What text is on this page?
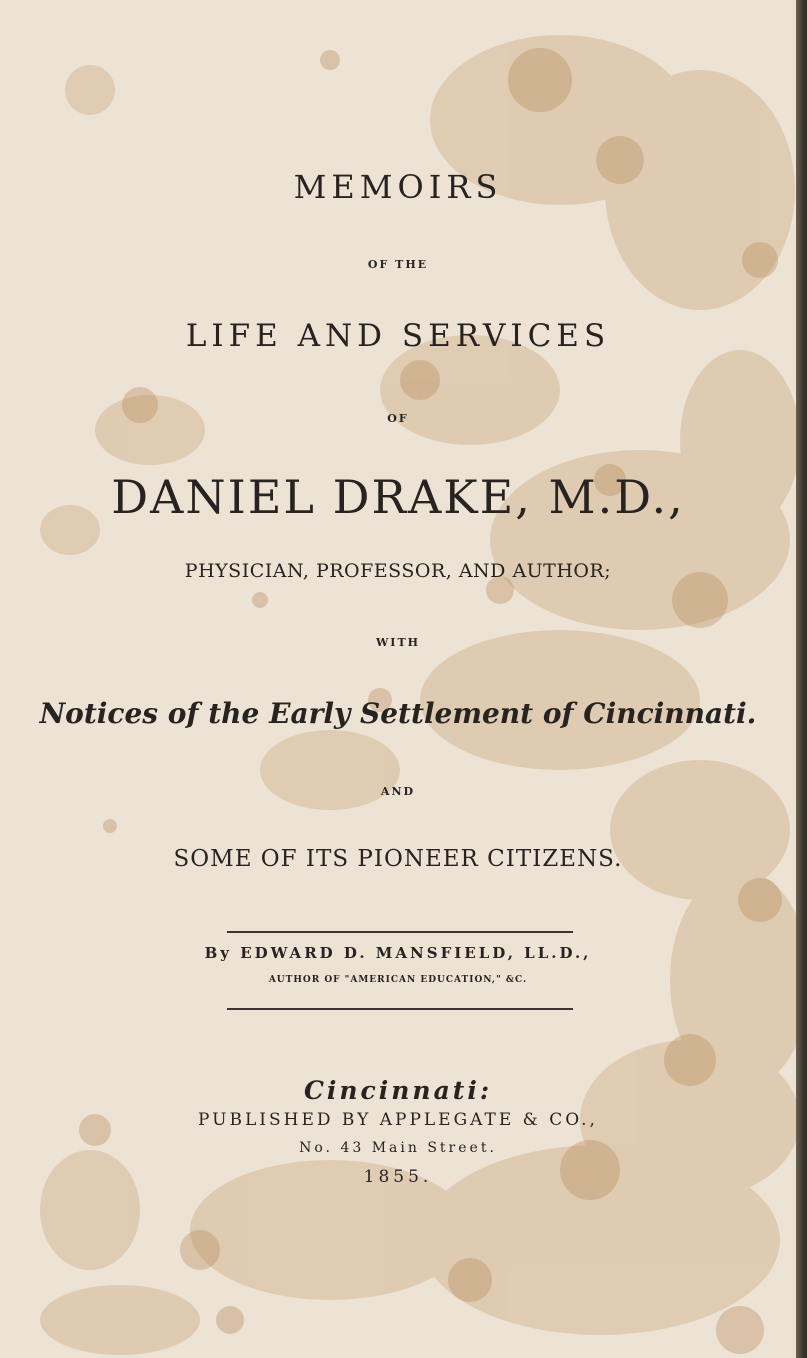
MEMOIRS
OF THE
LIFE AND SERVICES
OF
DANIEL DRAKE, M.D.,
PHYSICIAN, PROFESSOR, AND AUTHOR;
WITH
Notices of the Early Settlement of Cincinnati.
AND
SOME OF ITS PIONEER CITIZENS.
By EDWARD D. MANSFIELD, LL.D.,
AUTHOR OF "AMERICAN EDUCATION," &C.
Cincinnati:
PUBLISHED BY APPLEGATE & CO.,
No. 43 Main Street.
1855.
